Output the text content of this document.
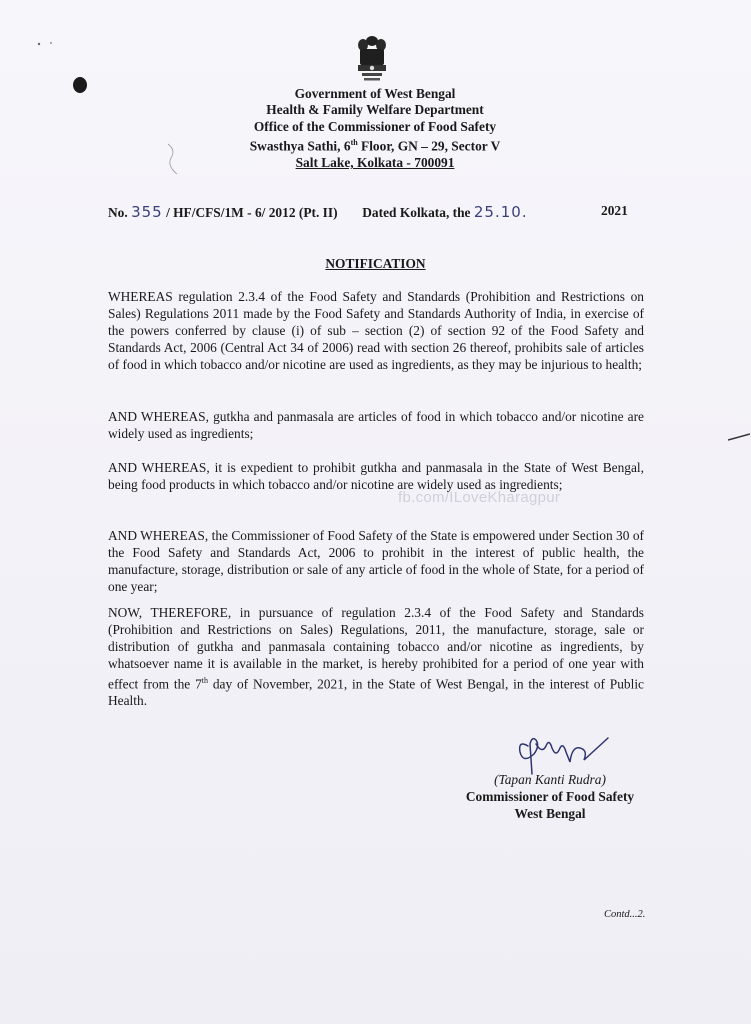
Government of West Bengal
Health & Family Welfare Department
Office of the Commissioner of Food Safety
Swasthya Sathi, 6th Floor, GN – 29, Sector V
Salt Lake, Kolkata - 700091
No. 355 / HF/CFS/1M - 6/ 2012 (Pt. II) Dated Kolkata, the 25.10.	2021
NOTIFICATION
WHEREAS regulation 2.3.4 of the Food Safety and Standards (Prohibition and Restrictions on Sales) Regulations 2011 made by the Food Safety and Standards Authority of India, in exercise of the powers conferred by clause (i) of sub – section (2) of section 92 of the Food Safety and Standards Act, 2006 (Central Act 34 of 2006) read with section 26 thereof, prohibits sale of articles of food in which tobacco and/or nicotine are used as ingredients, as they may be injurious to health;
AND WHEREAS, gutkha and panmasala are articles of food in which tobacco and/or nicotine are widely used as ingredients;
AND WHEREAS, it is expedient to prohibit gutkha and panmasala in the State of West Bengal, being food products in which tobacco and/or nicotine are widely used as ingredients;
AND WHEREAS, the Commissioner of Food Safety of the State is empowered under Section 30 of the Food Safety and Standards Act, 2006 to prohibit in the interest of public health, the manufacture, storage, distribution or sale of any article of food in the whole of State, for a period of one year;
NOW, THEREFORE, in pursuance of regulation 2.3.4 of the Food Safety and Standards (Prohibition and Restrictions on Sales) Regulations, 2011, the manufacture, storage, sale or distribution of gutkha and panmasala containing tobacco and/or nicotine as ingredients, by whatsoever name it is available in the market, is hereby prohibited for a period of one year with effect from the 7th day of November, 2021, in the State of West Bengal, in the interest of Public Health.
fb.com/ILoveKharagpur
(Tapan Kanti Rudra)
Commissioner of Food Safety
West Bengal
Contd...2.
